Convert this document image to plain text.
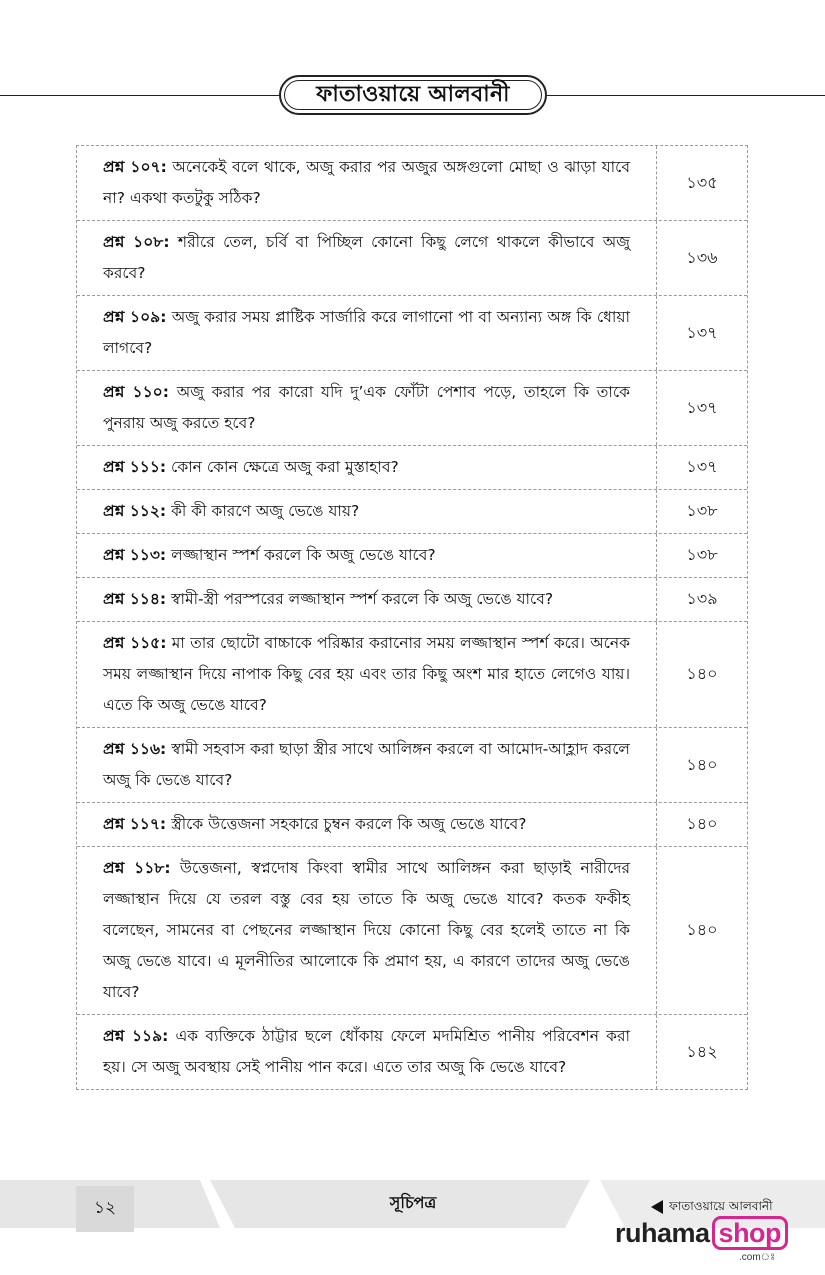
ফাতাওয়ায়ে আলবানী
প্রশ্ন ১০৭: অনেকেই বলে থাকে, অজু করার পর অজুর অঙ্গগুলো মোছা ও ঝাড়া যাবে না? একথা কতটুকু সঠিক?
১৩৫
প্রশ্ন ১০৮: শরীরে তেল, চর্বি বা পিচ্ছিল কোনো কিছু লেগে থাকলে কীভাবে অজু করবে?
১৩৬
প্রশ্ন ১০৯: অজু করার সময় প্লাষ্টিক সার্জারি করে লাগানো পা বা অন্যান্য অঙ্গ কি ধোয়া লাগবে?
১৩৭
প্রশ্ন ১১০: অজু করার পর কারো যদি দু’এক ফোঁটা পেশাব পড়ে, তাহলে কি তাকে পুনরায় অজু করতে হবে?
১৩৭
প্রশ্ন ১১১: কোন কোন ক্ষেত্রে অজু করা মুস্তাহাব?	১৩৭
প্রশ্ন ১১২: কী কী কারণে অজু ভেঙে যায়?	১৩৮
প্রশ্ন ১১৩: লজ্জাস্থান স্পর্শ করলে কি অজু ভেঙে যাবে?	১৩৮
প্রশ্ন ১১৪: স্বামী-স্ত্রী পরস্পরের লজ্জাস্থান স্পর্শ করলে কি অজু ভেঙে যাবে?	১৩৯
প্রশ্ন ১১৫: মা তার ছোটো বাচ্চাকে পরিষ্কার করানোর সময় লজ্জাস্থান স্পর্শ করে। অনেক সময় লজ্জাস্থান দিয়ে নাপাক কিছু বের হয় এবং তার কিছু অংশ মার হাতে লেগেও যায়। এতে কি অজু ভেঙে যাবে?
১৪০
প্রশ্ন ১১৬: স্বামী সহবাস করা ছাড়া স্ত্রীর সাথে আলিঙ্গন করলে বা আমোদ-আহ্লাদ করলে অজু কি ভেঙে যাবে?
১৪০
প্রশ্ন ১১৭: স্ত্রীকে উত্তেজনা সহকারে চুম্বন করলে কি অজু ভেঙে যাবে?	১৪০
প্রশ্ন ১১৮: উত্তেজনা, স্বপ্নদোষ কিংবা স্বামীর সাথে আলিঙ্গন করা ছাড়াই নারীদের লজ্জাস্থান দিয়ে যে তরল বস্তু বের হয় তাতে কি অজু ভেঙে যাবে? কতক ফকীহ বলেছেন, সামনের বা পেছনের লজ্জাস্থান দিয়ে কোনো কিছু বের হলেই তাতে না কি অজু ভেঙে যাবে। এ মূলনীতির আলোকে কি প্রমাণ হয়, এ কারণে তাদের অজু ভেঙে যাবে?
১৪০
প্রশ্ন ১১৯: এক ব্যক্তিকে ঠাট্টার ছলে ধোঁকায় ফেলে মদমিশ্রিত পানীয় পরিবেশন করা হয়। সে অজু অবস্থায় সেই পানীয় পান করে। এতে তার অজু কি ভেঙে যাবে?
১৪২
১২	সূচিপত্র	ফাতাওয়ায়ে আলবানী
ruhama shop
.comঃ
